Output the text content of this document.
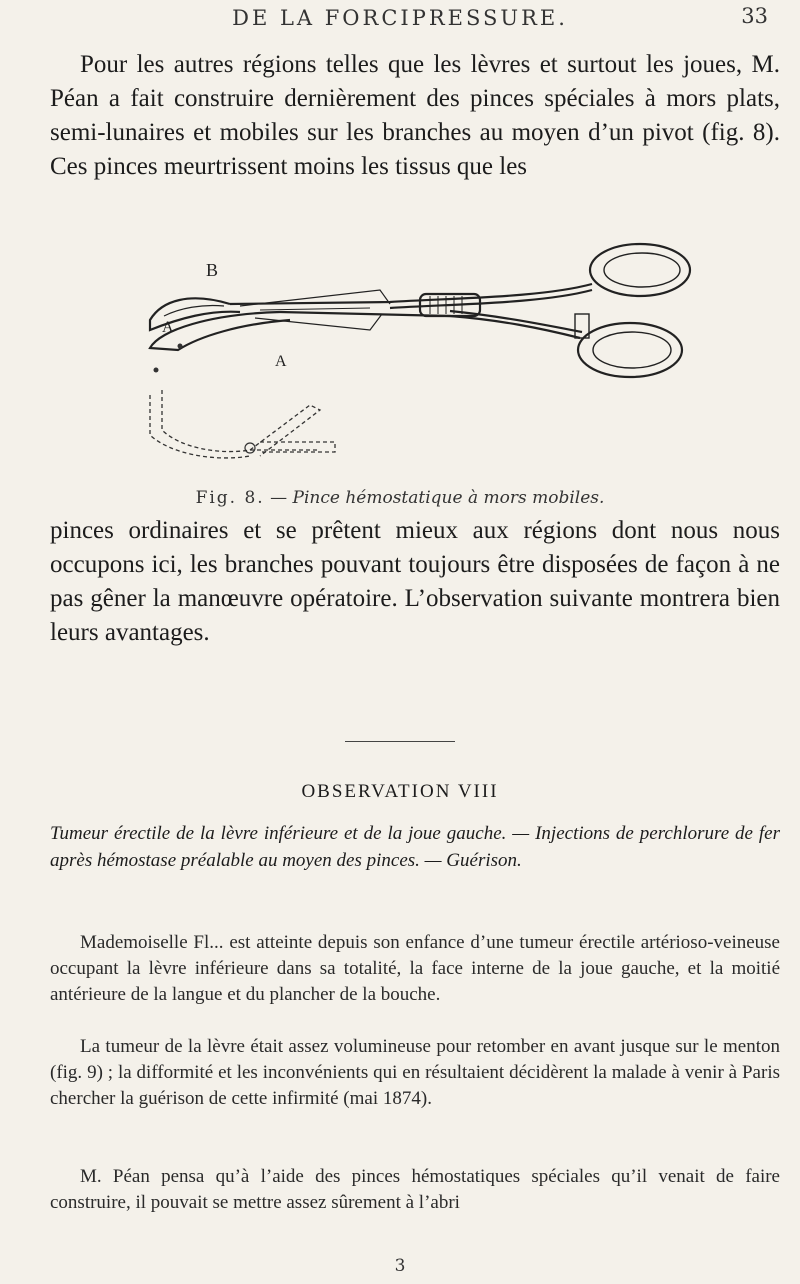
DE LA FORCIPRESSURE.	33

Pour les autres régions telles que les lèvres et surtout les joues, M. Péan a fait construire dernièrement des pinces spéciales à mors plats, semi-lunaires et mobiles sur les branches au moyen d’un pivot (fig. 8). Ces pinces meurtrissent moins les tissus que les

B
A
A
Fig. 8. — Pince hémostatique à mors mobiles.

pinces ordinaires et se prêtent mieux aux régions dont nous nous occupons ici, les branches pouvant toujours être disposées de façon à ne pas gêner la manœuvre opératoire. L’observation suivante montrera bien leurs avantages.

OBSERVATION VIII

Tumeur érectile de la lèvre inférieure et de la joue gauche. — Injections de perchlorure de fer après hémostase préalable au moyen des pinces. — Guérison.

Mademoiselle Fl... est atteinte depuis son enfance d’une tumeur érectile artérioso-veineuse occupant la lèvre inférieure dans sa totalité, la face interne de la joue gauche, et la moitié antérieure de la langue et du plancher de la bouche.

La tumeur de la lèvre était assez volumineuse pour retomber en avant jusque sur le menton (fig. 9) ; la difformité et les inconvénients qui en résultaient décidèrent la malade à venir à Paris chercher la guérison de cette infirmité (mai 1874).

M. Péan pensa qu’à l’aide des pinces hémostatiques spéciales qu’il venait de faire construire, il pouvait se mettre assez sûrement à l’abri

3
